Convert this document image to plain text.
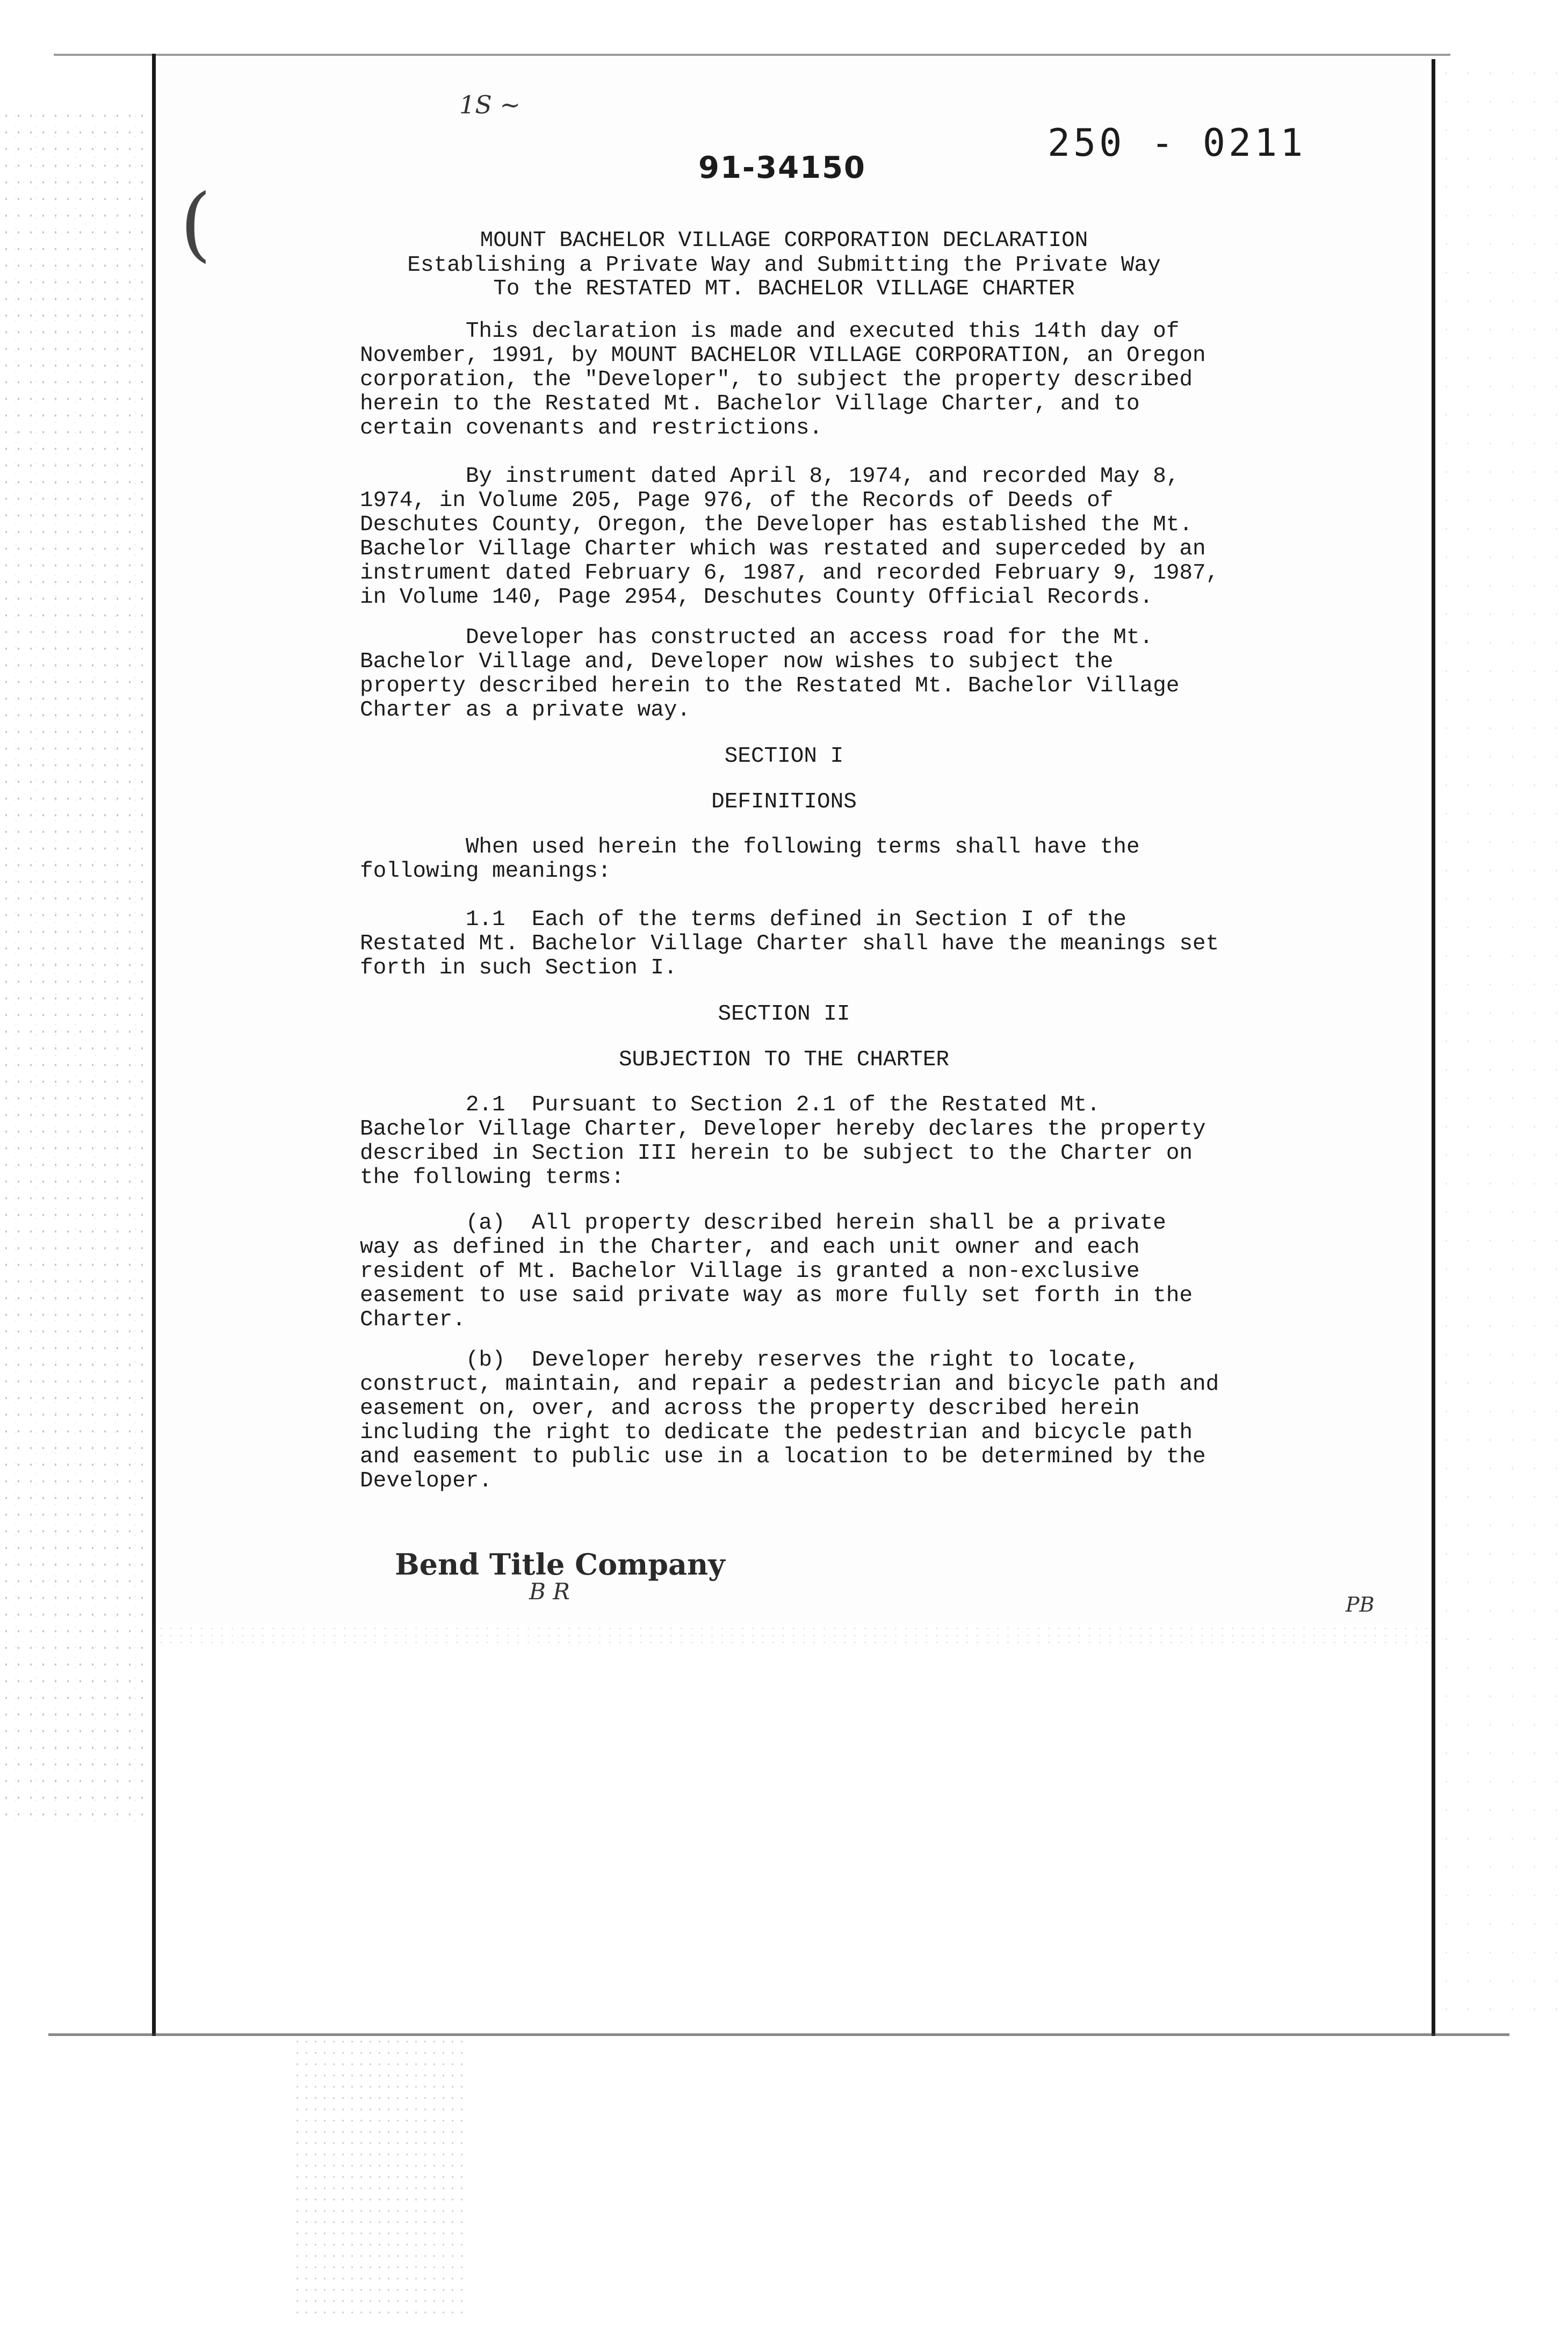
(
1S ~
91-34150
250 - 0211
MOUNT BACHELOR VILLAGE CORPORATION DECLARATION
Establishing a Private Way and Submitting the Private Way
To the RESTATED MT. BACHELOR VILLAGE CHARTER
This declaration is made and executed this 14th day of
November, 1991, by MOUNT BACHELOR VILLAGE CORPORATION, an Oregon
corporation, the "Developer", to subject the property described
herein to the Restated Mt. Bachelor Village Charter, and to
certain covenants and restrictions.
By instrument dated April 8, 1974, and recorded May 8,
1974, in Volume 205, Page 976, of the Records of Deeds of
Deschutes County, Oregon, the Developer has established the Mt.
Bachelor Village Charter which was restated and superceded by an
instrument dated February 6, 1987, and recorded February 9, 1987,
in Volume 140, Page 2954, Deschutes County Official Records.
Developer has constructed an access road for the Mt.
Bachelor Village and, Developer now wishes to subject the
property described herein to the Restated Mt. Bachelor Village
Charter as a private way.
SECTION I
DEFINITIONS
When used herein the following terms shall have the
following meanings:
1.1  Each of the terms defined in Section I of the
Restated Mt. Bachelor Village Charter shall have the meanings set
forth in such Section I.
SECTION II
SUBJECTION TO THE CHARTER
2.1  Pursuant to Section 2.1 of the Restated Mt.
Bachelor Village Charter, Developer hereby declares the property
described in Section III herein to be subject to the Charter on
the following terms:
(a)  All property described herein shall be a private
way as defined in the Charter, and each unit owner and each
resident of Mt. Bachelor Village is granted a non-exclusive
easement to use said private way as more fully set forth in the
Charter.
(b)  Developer hereby reserves the right to locate,
construct, maintain, and repair a pedestrian and bicycle path and
easement on, over, and across the property described herein
including the right to dedicate the pedestrian and bicycle path
and easement to public use in a location to be determined by the
Developer.
Bend Title Company
B R	PB
